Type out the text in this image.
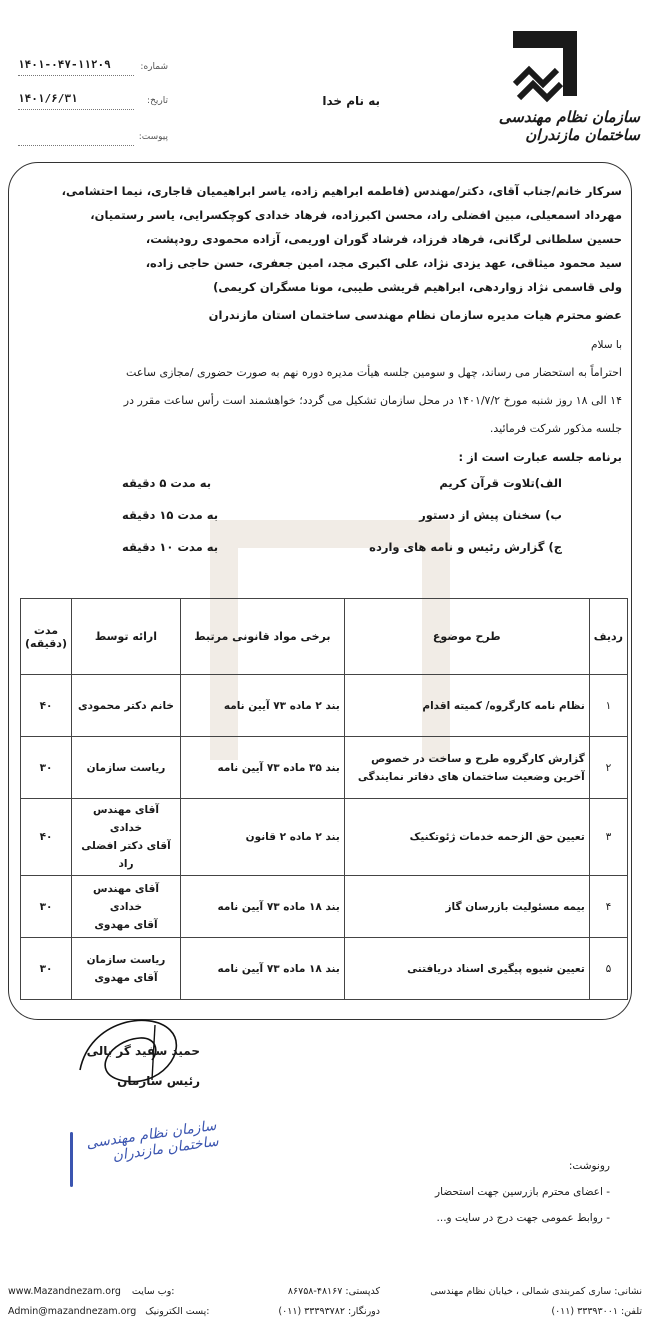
سازمان نظام مهندسی ساختمان مازندران
به نام خدا
شماره:
۱۴۰۱-۰۴۷-۱۱۲۰۹
تاریخ:
۱۴۰۱/۶/۳۱
پیوست:
سرکار خانم/جناب آقای، دکتر/مهندس (فاطمه ابراهیم زاده، یاسر ابراهیمیان قاجاری، نیما احتشامی،
مهرداد اسمعیلی، مبین افضلی راد، محسن اکبرزاده، فرهاد خدادی کوچکسرایی، یاسر رستمیان،
حسین سلطانی لرگانی، فرهاد فرزاد، فرشاد گوران اوریمی، آزاده محمودی رودپشت،
سید محمود میثاقی، عهد یزدی نژاد، علی اکبری مجد، امین جعفری، حسن حاجی زاده،
ولی قاسمی نژاد زواردهی، ابراهیم قریشی طیبی، مونا مسگران کریمی)
عضو محترم هیات مدیره سازمان نظام مهندسی ساختمان استان مازندران
با سلام
احتراماً به استحضار می رساند، چهل و سومین جلسه هیأت مدیره دوره نهم به صورت حضوری /مجازی ساعت
۱۴ الی ۱۸ روز شنبه مورخ ۱۴۰۱/۷/۲ در محل سازمان تشکیل می گردد؛ خواهشمند است رأس ساعت مقرر در
جلسه مذکور شرکت فرمائید.
برنامه جلسه عبارت است از :
الف)تلاوت قرآن کریم
به مدت ۵ دقیقه
ب) سخنان پیش از دستور
به مدت ۱۵ دقیقه
ج) گزارش رئیس و نامه های وارده
به مدت ۱۰ دقیقه
ردیف	طرح موضوع	برخی مواد قانونی مرتبط	ارائه توسط	مدت
(دقیقه)

۱	نظام نامه کارگروه/ کمیته اقدام	بند ۲ ماده ۷۳ آیین نامه	خانم دکتر محمودی	۴۰
۲	گزارش کارگروه طرح و ساخت در خصوص آخرین وضعیت ساختمان های دفاتر نمایندگی	بند ۳۵ ماده ۷۳ آیین نامه	ریاست سازمان	۳۰
۳	تعیین حق الزحمه خدمات ژئوتکنیک	بند ۲ ماده ۲ قانون	آقای مهندس خدادی
آقای دکتر افضلی راد	۴۰
۴	بیمه مسئولیت بازرسان گاز	بند ۱۸ ماده ۷۳ آیین نامه	آقای مهندس خدادی
آقای مهدوی	۳۰
۵	تعیین شیوه پیگیری اسناد دریافتنی	بند ۱۸ ماده ۷۳ آیین نامه	ریاست سازمان
آقای مهدوی	۳۰
حمید سفید گر بالی
رئیس سازمان
سازمان نظام مهندسی ساختمان مازندران
رونوشت:
- اعضای محترم بازرسین جهت استحضار
- روابط عمومی جهت درج در سایت و...
نشانی: ساری کمربندی شمالی ، خیابان نظام مهندسی
کدپستی: ۴۸۱۶۷-۸۶۷۵۸
www.Mazandnezam.org وب سایت:
تلفن: ۳۳۳۹۳۰۰۱ (۰۱۱)
دورنگار: ۳۳۳۹۳۷۸۲ (۰۱۱)
Admin@mazandnezam.org پست الکترونیک:
